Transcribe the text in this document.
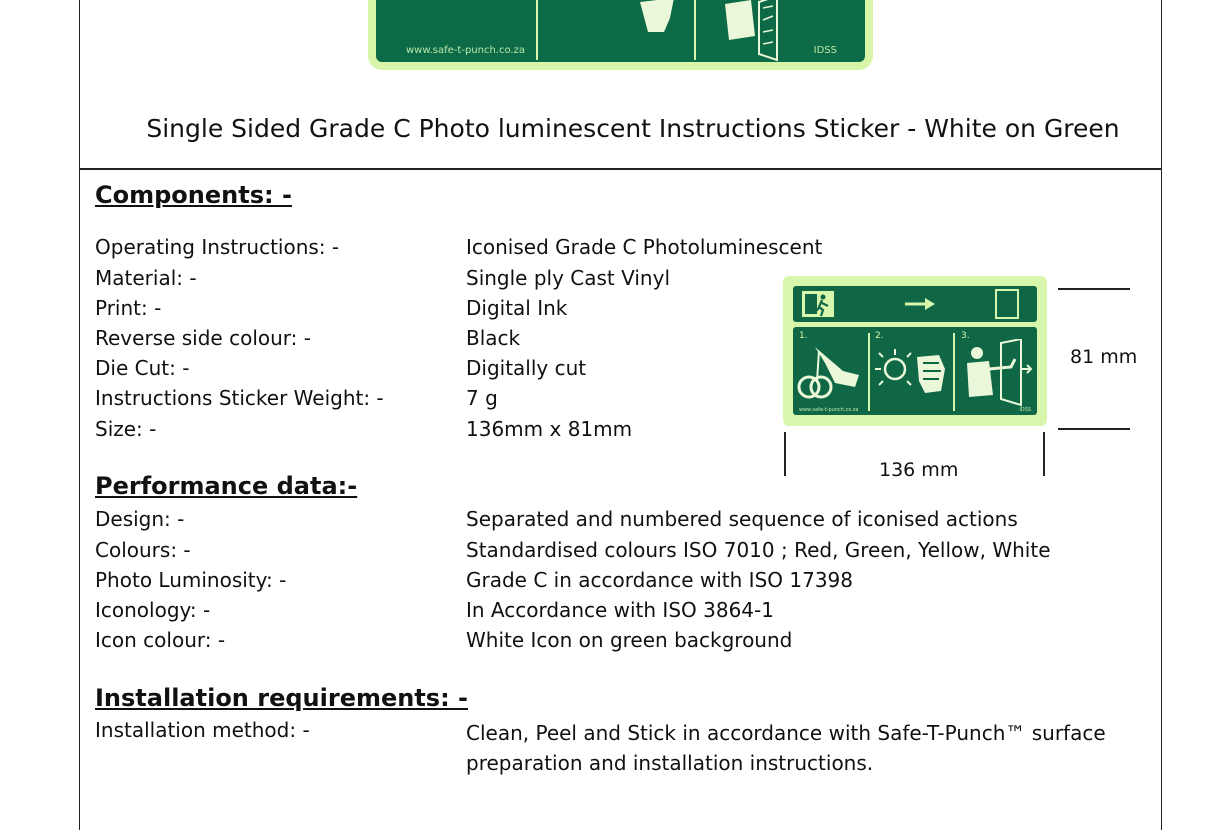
www.safe-t-punch.co.za	IDSS
Single Sided Grade C Photo luminescent Instructions Sticker - White on Green
Components: -
Operating Instructions: -	Iconised Grade C Photoluminescent
Material: -	Single ply Cast Vinyl
Print: -	Digital Ink
Reverse side colour: -	Black
Die Cut: -	Digitally cut
Instructions Sticker Weight: -	7 g
Size: -	136mm x 81mm
1.	2.	3.
www.safe-t-punch.co.za	IDSS
81 mm
136 mm
Performance data:-
Design: -	Separated and numbered sequence of iconised actions
Colours: -	Standardised colours ISO 7010 ; Red, Green, Yellow, White
Photo Luminosity: -	Grade C in accordance with ISO 17398
Iconology: -	In Accordance with ISO 3864-1
Icon colour: -	White Icon on green background
Installation requirements: -
Installation method: -	Clean, Peel and Stick in accordance with Safe-T-Punch™ surface preparation and installation instructions.
